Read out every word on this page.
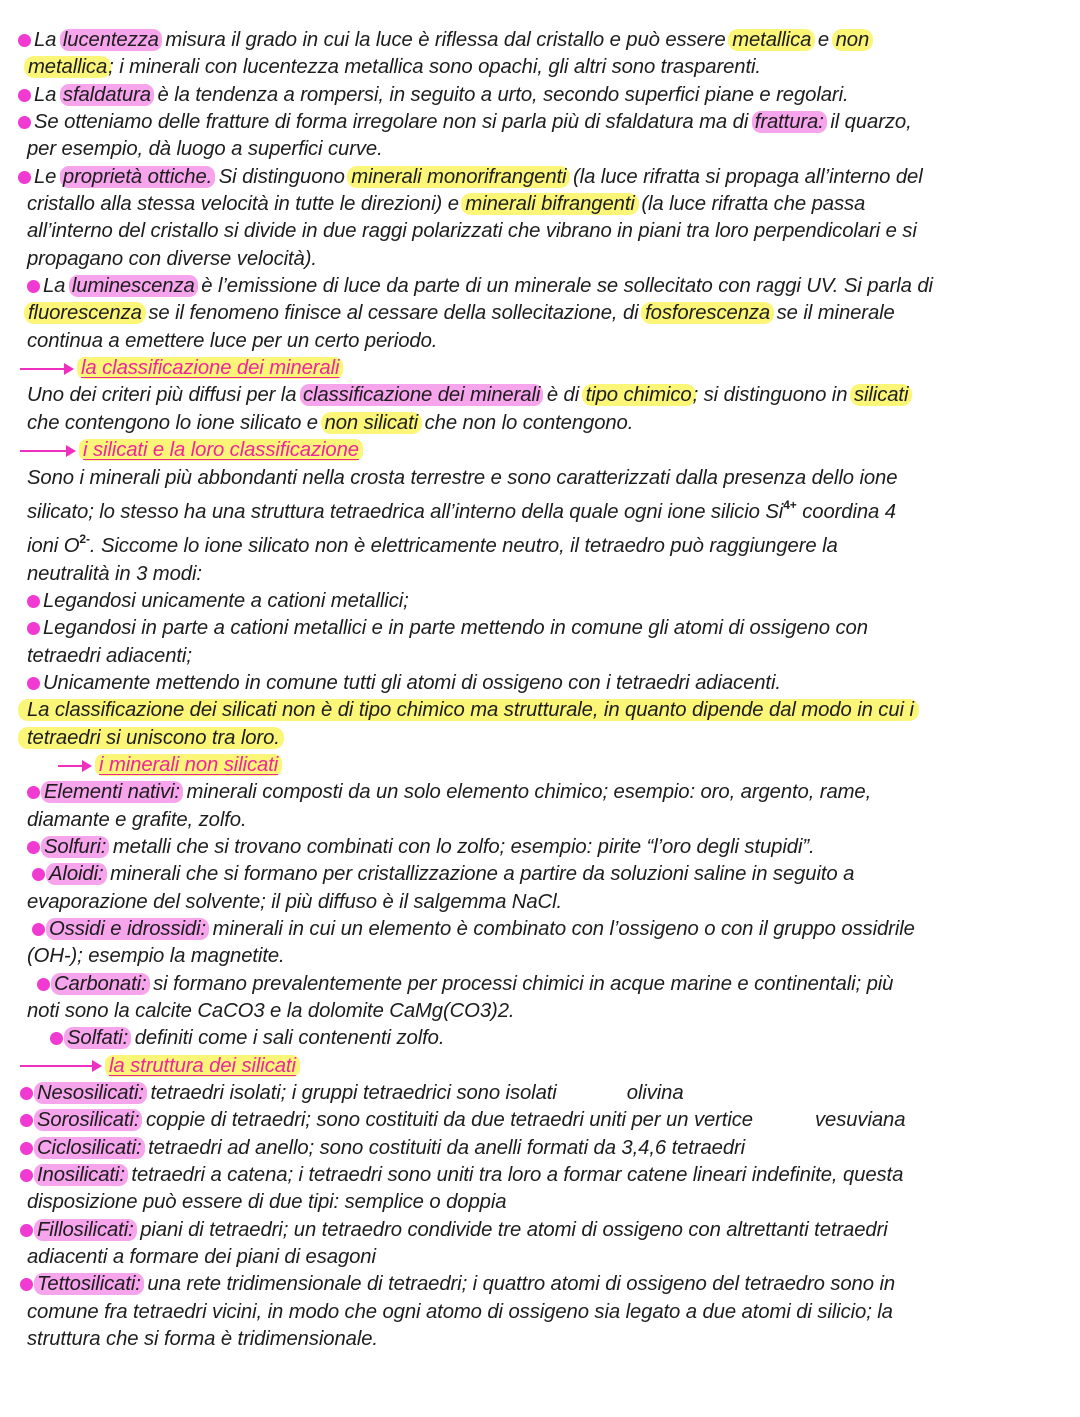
La lucentezza misura il grado in cui la luce è riflessa dal cristallo e può essere metallica e non
metallica; i minerali con lucentezza metallica sono opachi, gli altri sono trasparenti.
La sfaldatura è la tendenza a rompersi, in seguito a urto, secondo superfici piane e regolari.
Se otteniamo delle fratture di forma irregolare non si parla più di sfaldatura ma di frattura: il quarzo,
per esempio, dà luogo a superfici curve.
Le proprietà ottiche. Si distinguono minerali monorifrangenti (la luce rifratta si propaga all’interno del
cristallo alla stessa velocità in tutte le direzioni) e minerali bifrangenti (la luce rifratta che passa
all’interno del cristallo si divide in due raggi polarizzati che vibrano in piani tra loro perpendicolari e si
propagano con diverse velocità).
La luminescenza è l’emissione di luce da parte di un minerale se sollecitato con raggi UV. Si parla di
fluorescenza se il fenomeno finisce al cessare della sollecitazione, di fosforescenza se il minerale
continua a emettere luce per un certo periodo.
la classificazione dei minerali
Uno dei criteri più diffusi per la classificazione dei minerali è di tipo chimico; si distinguono in silicati
che contengono lo ione silicato e non silicati che non lo contengono.
i silicati e la loro classificazione
Sono i minerali più abbondanti nella crosta terrestre e sono caratterizzati dalla presenza dello ione
silicato; lo stesso ha una struttura tetraedrica all’interno della quale ogni ione silicio $Si^{4+}$ coordina 4
ioni $O^{2-}$. Siccome lo ione silicato non è elettricamente neutro, il tetraedro può raggiungere la
neutralità in 3 modi:
Legandosi unicamente a cationi metallici;
Legandosi in parte a cationi metallici e in parte mettendo in comune gli atomi di ossigeno con
tetraedri adiacenti;
Unicamente mettendo in comune tutti gli atomi di ossigeno con i tetraedri adiacenti.
La classificazione dei silicati non è di tipo chimico ma strutturale, in quanto dipende dal modo in cui i
tetraedri si uniscono tra loro.
i minerali non silicati
Elementi nativi: minerali composti da un solo elemento chimico; esempio: oro, argento, rame,
diamante e grafite, zolfo.
Solfuri: metalli che si trovano combinati con lo zolfo; esempio: pirite “l’oro degli stupidi”.
Aloidi: minerali che si formano per cristallizzazione a partire da soluzioni saline in seguito a
evaporazione del solvente; il più diffuso è il salgemma NaCl.
Ossidi e idrossidi: minerali in cui un elemento è combinato con l’ossigeno o con il gruppo ossidrile
(OH-); esempio la magnetite.
Carbonati: si formano prevalentemente per processi chimici in acque marine e continentali; più
noti sono la calcite CaCO3 e la dolomite CaMg(CO3)2.
Solfati: definiti come i sali contenenti zolfo.
la struttura dei silicati
Nesosilicati: tetraedri isolati; i gruppi tetraedrici sono isolati	olivina
Sorosilicati: coppie di tetraedri; sono costituiti da due tetraedri uniti per un vertice	vesuviana
Ciclosilicati: tetraedri ad anello; sono costituiti da anelli formati da 3,4,6 tetraedri
Inosilicati: tetraedri a catena; i tetraedri sono uniti tra loro a formar catene lineari indefinite, questa
disposizione può essere di due tipi: semplice o doppia
Fillosilicati: piani di tetraedri; un tetraedro condivide tre atomi di ossigeno con altrettanti tetraedri
adiacenti a formare dei piani di esagoni
Tettosilicati: una rete tridimensionale di tetraedri; i quattro atomi di ossigeno del tetraedro sono in
comune fra tetraedri vicini, in modo che ogni atomo di ossigeno sia legato a due atomi di silicio; la
struttura che si forma è tridimensionale.
